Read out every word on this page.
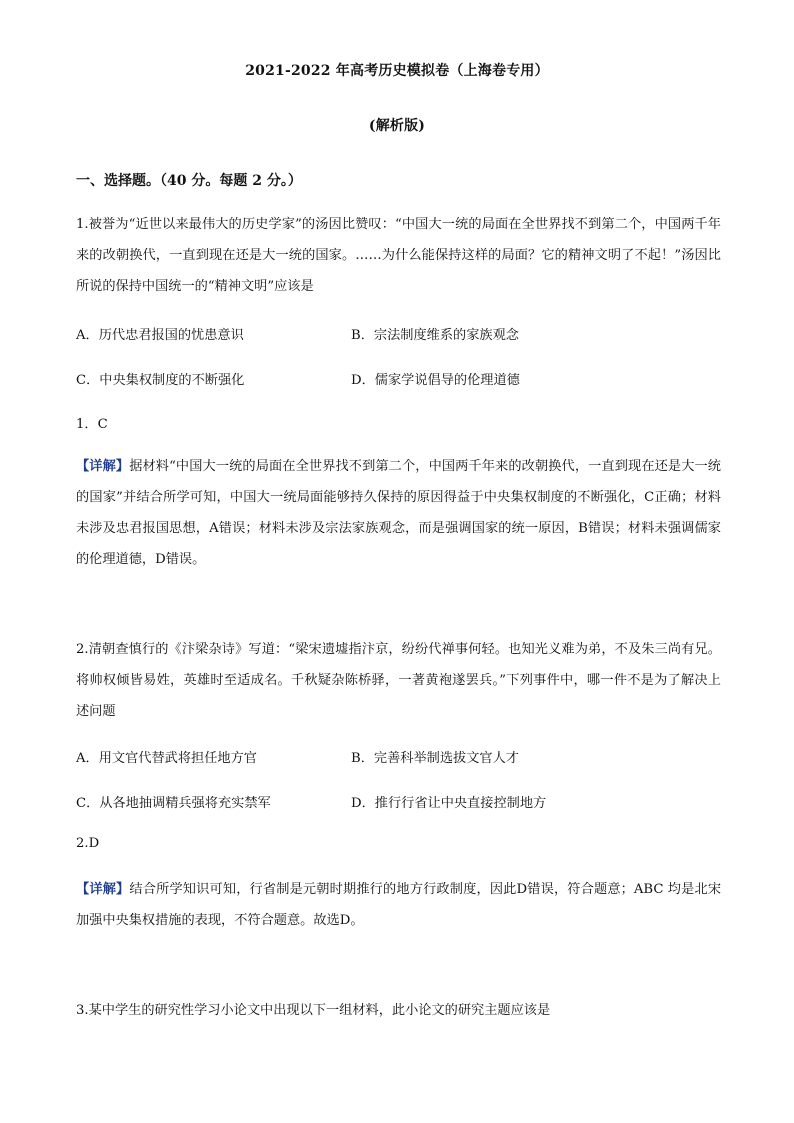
2021-2022 年高考历史模拟卷（上海卷专用）
(解析版)
一、选择题。（40 分。每题 2 分。）
1.被誉为“近世以来最伟大的历史学家”的汤因比赞叹：“中国大一统的局面在全世界找不到第二个，中国两千年来的改朝换代，一直到现在还是大一统的国家。……为什么能保持这样的局面？它的精神文明了不起！”汤因比所说的保持中国统一的“精神文明”应该是
A．历代忠君报国的忧患意识	B．宗法制度维系的家族观念
C．中央集权制度的不断强化	D．儒家学说倡导的伦理道德
1．C
【详解】据材料“中国大一统的局面在全世界找不到第二个，中国两千年来的改朝换代，一直到现在还是大一统的国家”并结合所学可知，中国大一统局面能够持久保持的原因得益于中央集权制度的不断强化，C正确；材料未涉及忠君报国思想，A错误；材料未涉及宗法家族观念，而是强调国家的统一原因，B错误；材料未强调儒家的伦理道德，D错误。
2.清朝查慎行的《汴梁杂诗》写道：“梁宋遗墟指汴京，纷纷代禅事何轻。也知光义难为弟，不及朱三尚有兄。将帅权倾皆易姓，英雄时至适成名。千秋疑杂陈桥驿，一著黄袍遂罢兵。”下列事件中，哪一件不是为了解决上述问题
A．用文官代替武将担任地方官	B．完善科举制选拔文官人才
C．从各地抽调精兵强将充实禁军	D．推行行省让中央直接控制地方
2.D
【详解】结合所学知识可知，行省制是元朝时期推行的地方行政制度，因此D错误，符合题意；ABC 均是北宋加强中央集权措施的表现，不符合题意。故选D。
3.某中学生的研究性学习小论文中出现以下一组材料，此小论文的研究主题应该是
